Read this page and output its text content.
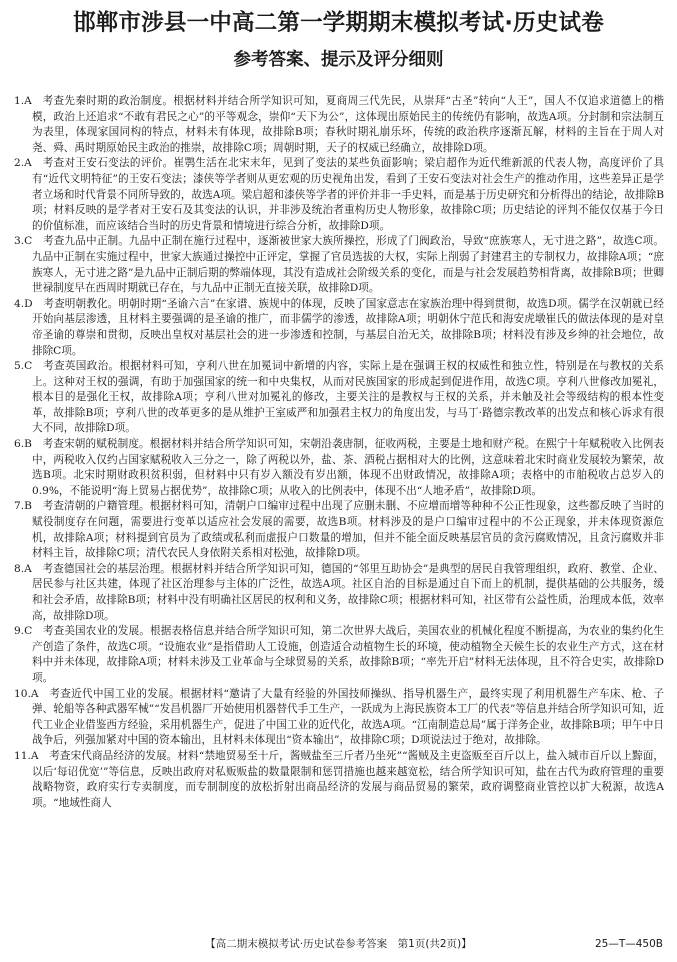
邯郸市涉县一中高二第一学期期末模拟考试·历史试卷
参考答案、提示及评分细则

1.A  考查先秦时期的政治制度。根据材料并结合所学知识可知，夏商周三代先民，从崇拜“古圣”转向“人王”，国人不仅追求道德上的楷模，政治上还追求“不敢有君民之心”的平等观念，崇仰“天下为公”，这体现出原始民主的传统仍有影响，故选A项。分封制和宗法制互为表里，体现家国同构的特点，材料未有体现，故排除B项；春秋时期礼崩乐坏，传统的政治秩序逐渐瓦解，材料的主旨在于周人对尧、舜、禹时期原始民主政治的推崇，故排除C项；周朝时期，天子的权威已经确立，故排除D项。

2.A  考查对王安石变法的评价。崔鹗生活在北宋末年，见到了变法的某些负面影响；梁启超作为近代维新派的代表人物，高度评价了具有“近代文明特征”的王安石变法；漆侠等学者则从更宏观的历史视角出发，看到了王安石变法对社会生产的推动作用，这些差异正是学者立场和时代背景不同所导致的，故选A项。梁启超和漆侠等学者的评价并非一手史料，而是基于历史研究和分析得出的结论，故排除B项；材料反映的是学者对王安石及其变法的认识，并非涉及统治者重构历史人物形象，故排除C项；历史结论的评判不能仅仅基于今日的价值标准，而应该结合当时的历史背景和情境进行综合分析，故排除D项。

3.C  考查九品中正制。九品中正制在施行过程中，逐渐被世家大族所操控，形成了门阀政治，导致“庶族寒人，无寸进之路”，故选C项。九品中正制在实施过程中，世家大族通过操控中正评定，掌握了官员选拔的大权，实际上削弱了封建君主的专制权力，故排除A项；“庶族寒人，无寸进之路”是九品中正制后期的弊端体现，其没有造成社会阶级关系的变化，而是与社会发展趋势相背离，故排除B项；世卿世禄制度早在西周时期就已存在，与九品中正制无直接关联，故排除D项。

4.D  考查明朝教化。明朝时期“圣谕六言”在家谱、族规中的体现，反映了国家意志在家族治理中得到贯彻，故选D项。儒学在汉朝就已经开始向基层渗透，且材料主要强调的是圣谕的推广，而非儒学的渗透，故排除A项；明朝休宁范氏和海安虎墩崔氏的做法体现的是对皇帝圣谕的尊崇和贯彻，反映出皇权对基层社会的进一步渗透和控制，与基层自治无关，故排除B项；材料没有涉及乡绅的社会地位，故排除C项。

5.C  考查英国政治。根据材料可知，亨利八世在加冕词中新增的内容，实际上是在强调王权的权威性和独立性，特别是在与教权的关系上。这种对王权的强调，有助于加强国家的统一和中央集权，从而对民族国家的形成起到促进作用，故选C项。亨利八世修改加冕礼，根本目的是强化王权，故排除A项；亨利八世对加冕礼的修改，主要关注的是教权与王权的关系，并未触及社会等级结构的根本性变革，故排除B项；亨利八世的改革更多的是从维护王室威严和加强君主权力的角度出发，与马丁·路德宗教改革的出发点和核心诉求有很大不同，故排除D项。

6.B  考查宋朝的赋税制度。根据材料并结合所学知识可知，宋朝沿袭唐制，征收两税，主要是土地和财产税。在熙宁十年赋税收入比例表中，两税收入仅约占国家赋税收入三分之一，除了两税以外，盐、茶、酒税占据相对大的比例，这意味着北宋时商业发展较为繁荣，故选B项。北宋时期财政积贫积弱，但材料中只有岁入额没有岁出额，体现不出财政情况，故排除A项；表格中的市舶税收占总岁入的0.9%，不能说明“海上贸易占据优势”，故排除C项；从收入的比例表中，体现不出“人地矛盾”，故排除D项。

7.B  考查清朝的户籍管理。根据材料可知，清朝户口编审过程中出现了应删未删、不应增而增等种种不公正性现象，这些都反映了当时的赋役制度存在问题，需要进行变革以适应社会发展的需要，故选B项。材料涉及的是户口编审过程中的不公正现象，并未体现资源危机，故排除A项；材料提到官员为了政绩或私利而虚报户口数量的增加，但并不能全面反映基层官员的贪污腐败情况，且贪污腐败并非材料主旨，故排除C项；清代农民人身依附关系相对松弛，故排除D项。

8.A  考查德国社会的基层治理。根据材料并结合所学知识可知，德国的“邻里互助协会”是典型的居民自我管理组织，政府、教堂、企业、居民参与社区共建，体现了社区治理参与主体的广泛性，故选A项。社区自治的目标是通过自下而上的机制，提供基础的公共服务，缓和社会矛盾，故排除B项；材料中没有明确社区居民的权利和义务，故排除C项；根据材料可知，社区带有公益性质，治理成本低，效率高，故排除D项。

9.C  考查美国农业的发展。根据表格信息并结合所学知识可知，第二次世界大战后，美国农业的机械化程度不断提高，为农业的集约化生产创造了条件，故选C项。“设施农业”是指借助人工设施，创造适合动植物生长的环境，使动植物全天候生长的农业生产方式，这在材料中并未体现，故排除A项；材料未涉及工业革命与全球贸易的关系，故排除B项；“率先开启”材料无法体现，且不符合史实，故排除D项。

10.A  考查近代中国工业的发展。根据材料“邀请了大量有经验的外国技师操纵、指导机器生产，最终实现了利用机器生产车床、枪、子弹、轮船等各种武器军械”“发昌机器厂开始使用机器替代手工生产，一跃成为上海民族资本工厂的代表”等信息并结合所学知识可知，近代工业企业借鉴西方经验，采用机器生产，促进了中国工业的近代化，故选A项。“江南制造总局”属于洋务企业，故排除B项；甲午中日战争后，列强加紧对中国的资本输出，且材料未体现出“资本输出”，故排除C项；D项说法过于绝对，故排除。

11.A  考查宋代商品经济的发展。材料“禁地贸易至十斤，酱贼盐至三斤者乃坐死”“酱贼及主吏盗贩至百斤以上，盐入城市百斤以上黥面，以后‘每诏优宽’”等信息，反映出政府对私贩贩盐的数量限制和惩罚措施也越来越宽松，结合所学知识可知，盐在古代为政府管理的重要战略物资，政府实行专卖制度，而专制制度的放松折射出商品经济的发展与商品贸易的繁荣，政府调整商业管控以扩大税源，故选A项。“地域性商人

【高二期末模拟考试·历史试卷参考答案　第1页(共2页)】	25—T—450B
